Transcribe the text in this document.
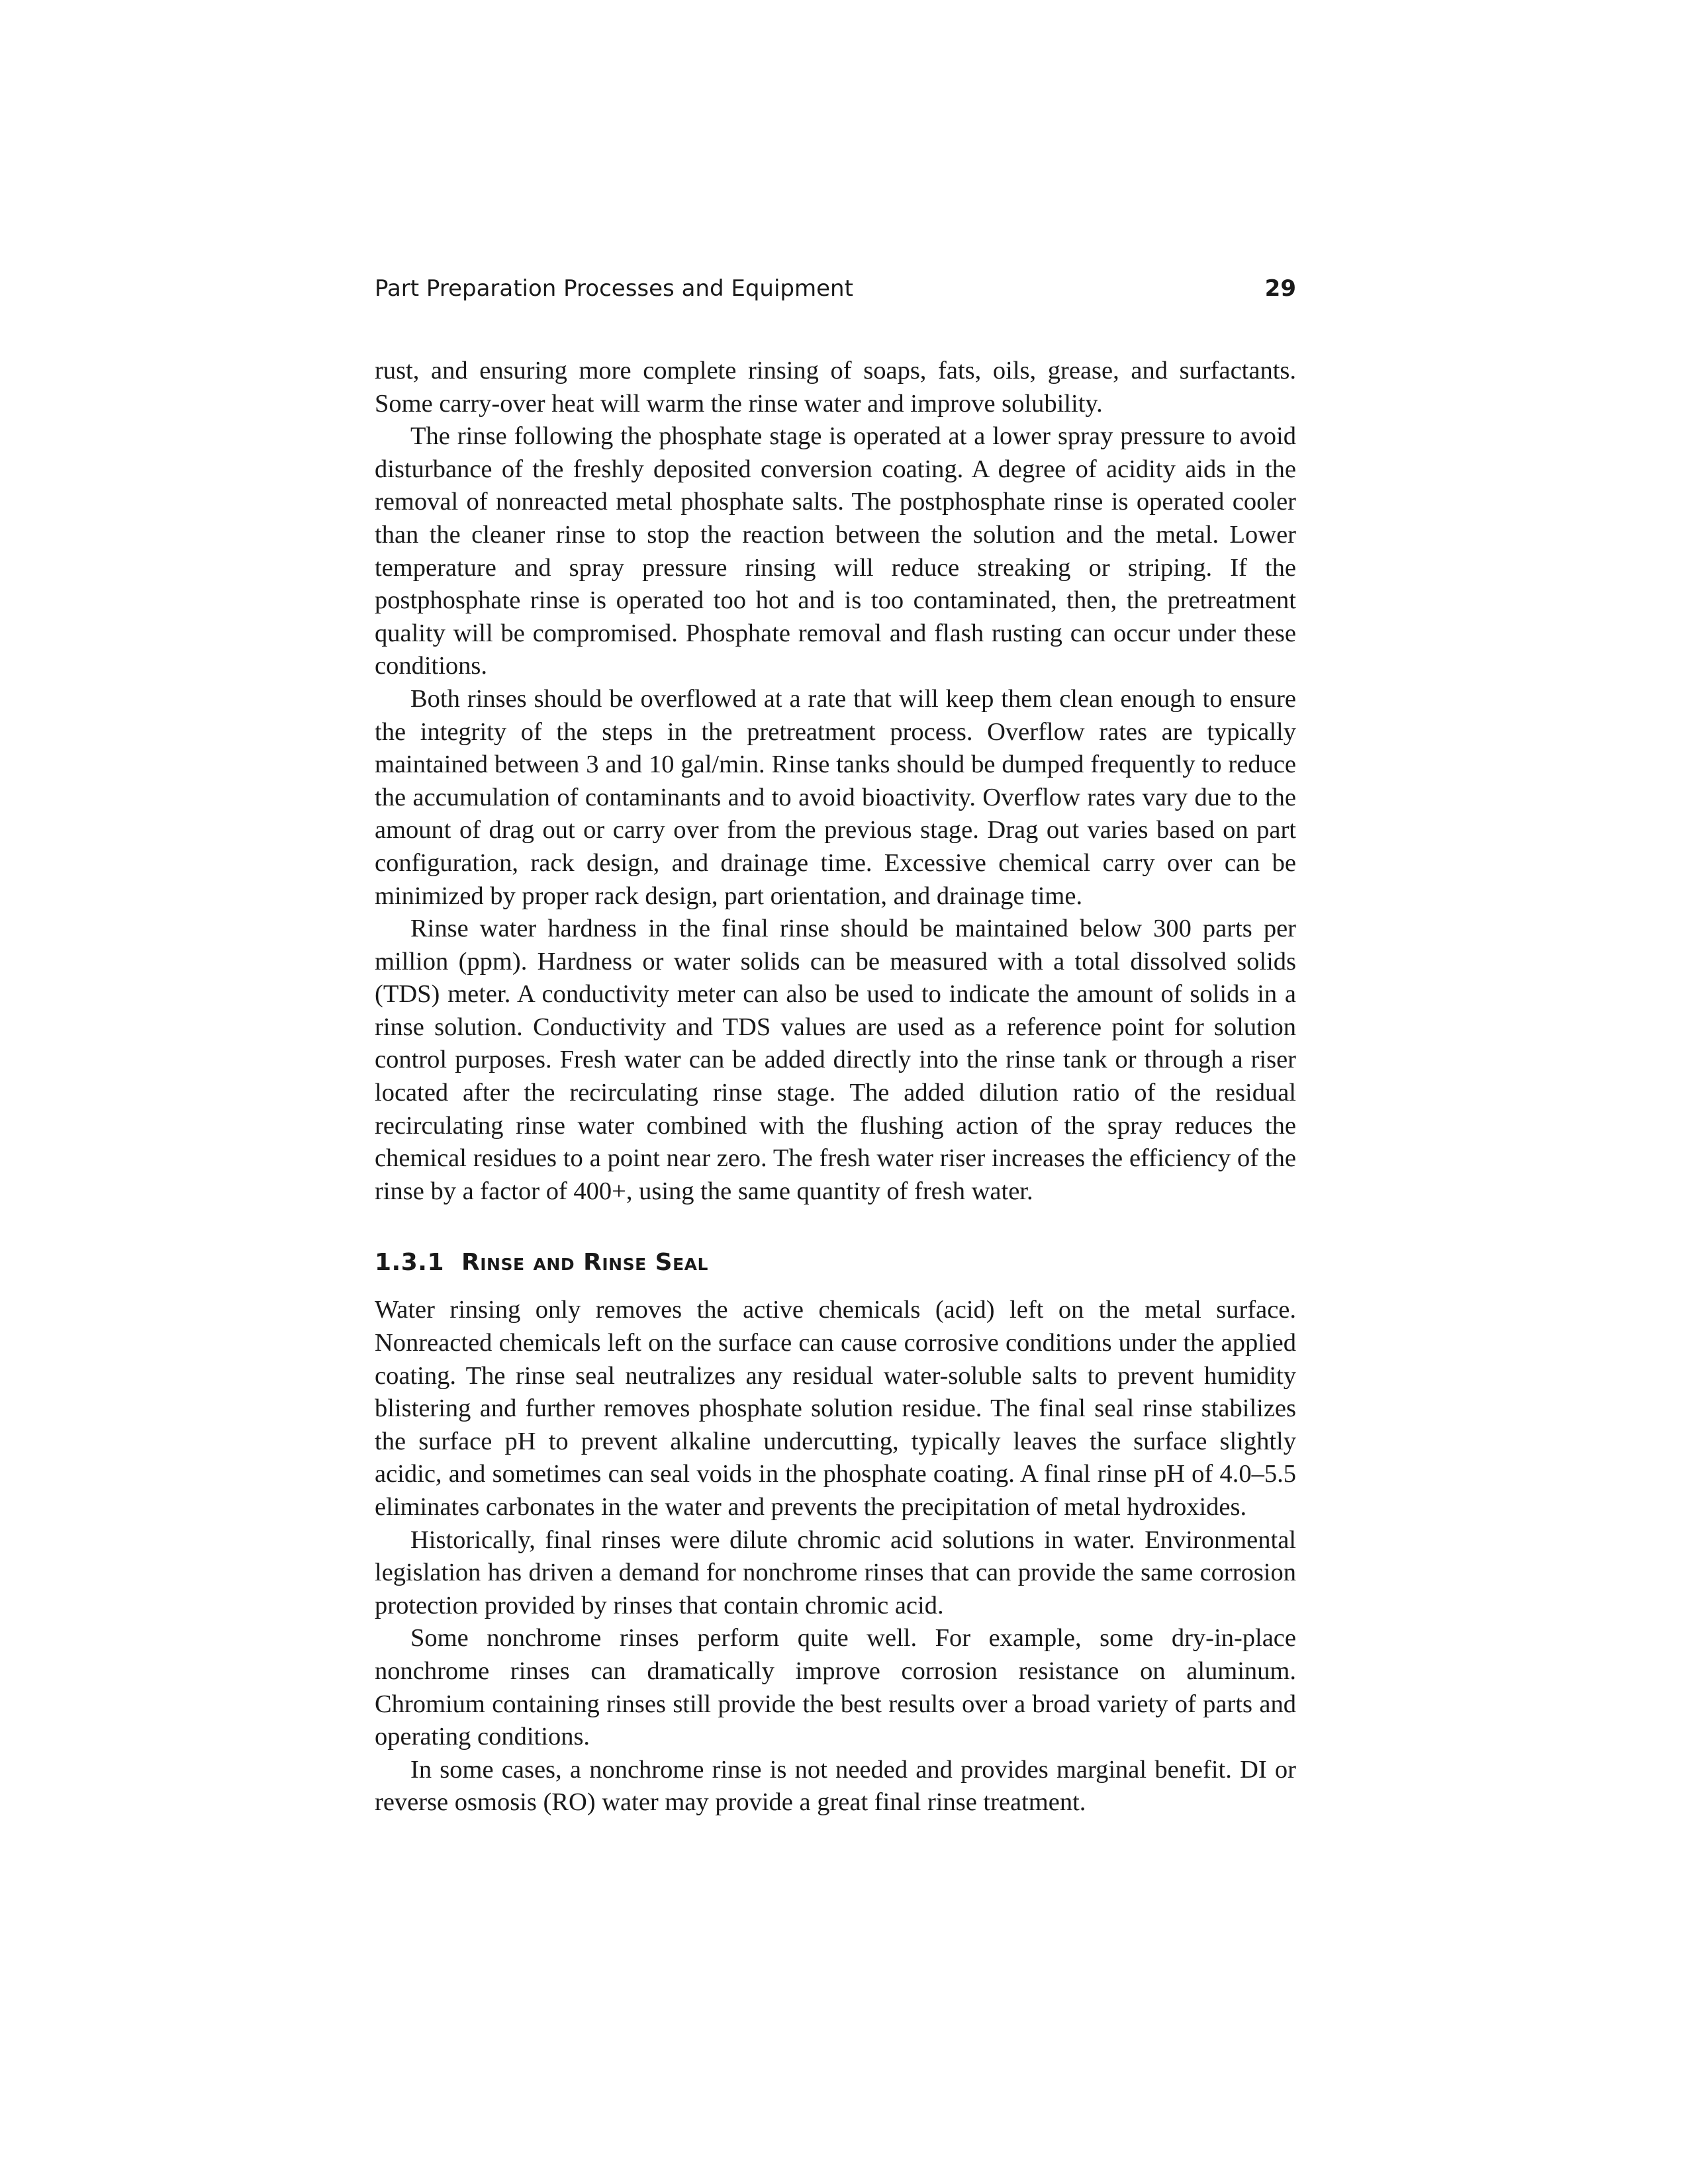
Part Preparation Processes and Equipment	29

rust, and ensuring more complete rinsing of soaps, fats, oils, grease, and surfactants. Some carry-over heat will warm the rinse water and improve solubility.

The rinse following the phosphate stage is operated at a lower spray pressure to avoid disturbance of the freshly deposited conversion coating. A degree of acidity aids in the removal of nonreacted metal phosphate salts. The postphosphate rinse is operated cooler than the cleaner rinse to stop the reaction between the solution and the metal. Lower temperature and spray pressure rinsing will reduce streaking or striping. If the postphosphate rinse is operated too hot and is too contaminated, then, the pretreatment quality will be compromised. Phosphate removal and flash rusting can occur under these conditions.

Both rinses should be overflowed at a rate that will keep them clean enough to ensure the integrity of the steps in the pretreatment process. Overflow rates are typically maintained between 3 and 10 gal/min. Rinse tanks should be dumped frequently to reduce the accumulation of contaminants and to avoid bioactivity. Overflow rates vary due to the amount of drag out or carry over from the previous stage. Drag out varies based on part configuration, rack design, and drainage time. Excessive chemical carry over can be minimized by proper rack design, part orientation, and drainage time.

Rinse water hardness in the final rinse should be maintained below 300 parts per million (ppm). Hardness or water solids can be measured with a total dissolved solids (TDS) meter. A conductivity meter can also be used to indicate the amount of solids in a rinse solution. Conductivity and TDS values are used as a reference point for solution control purposes. Fresh water can be added directly into the rinse tank or through a riser located after the recirculating rinse stage. The added dilution ratio of the residual recirculating rinse water combined with the flushing action of the spray reduces the chemical residues to a point near zero. The fresh water riser increases the efficiency of the rinse by a factor of 400+, using the same quantity of fresh water.

1.3.1 Rinse and Rinse Seal

Water rinsing only removes the active chemicals (acid) left on the metal surface. Nonreacted chemicals left on the surface can cause corrosive conditions under the applied coating. The rinse seal neutralizes any residual water-soluble salts to prevent humidity blistering and further removes phosphate solution residue. The final seal rinse stabilizes the surface pH to prevent alkaline undercutting, typically leaves the surface slightly acidic, and sometimes can seal voids in the phosphate coating. A final rinse pH of 4.0–5.5 eliminates carbonates in the water and prevents the precipitation of metal hydroxides.

Historically, final rinses were dilute chromic acid solutions in water. Environmental legislation has driven a demand for nonchrome rinses that can provide the same corrosion protection provided by rinses that contain chromic acid.

Some nonchrome rinses perform quite well. For example, some dry-in-place nonchrome rinses can dramatically improve corrosion resistance on aluminum. Chromium containing rinses still provide the best results over a broad variety of parts and operating conditions.

In some cases, a nonchrome rinse is not needed and provides marginal benefit. DI or reverse osmosis (RO) water may provide a great final rinse treatment.
